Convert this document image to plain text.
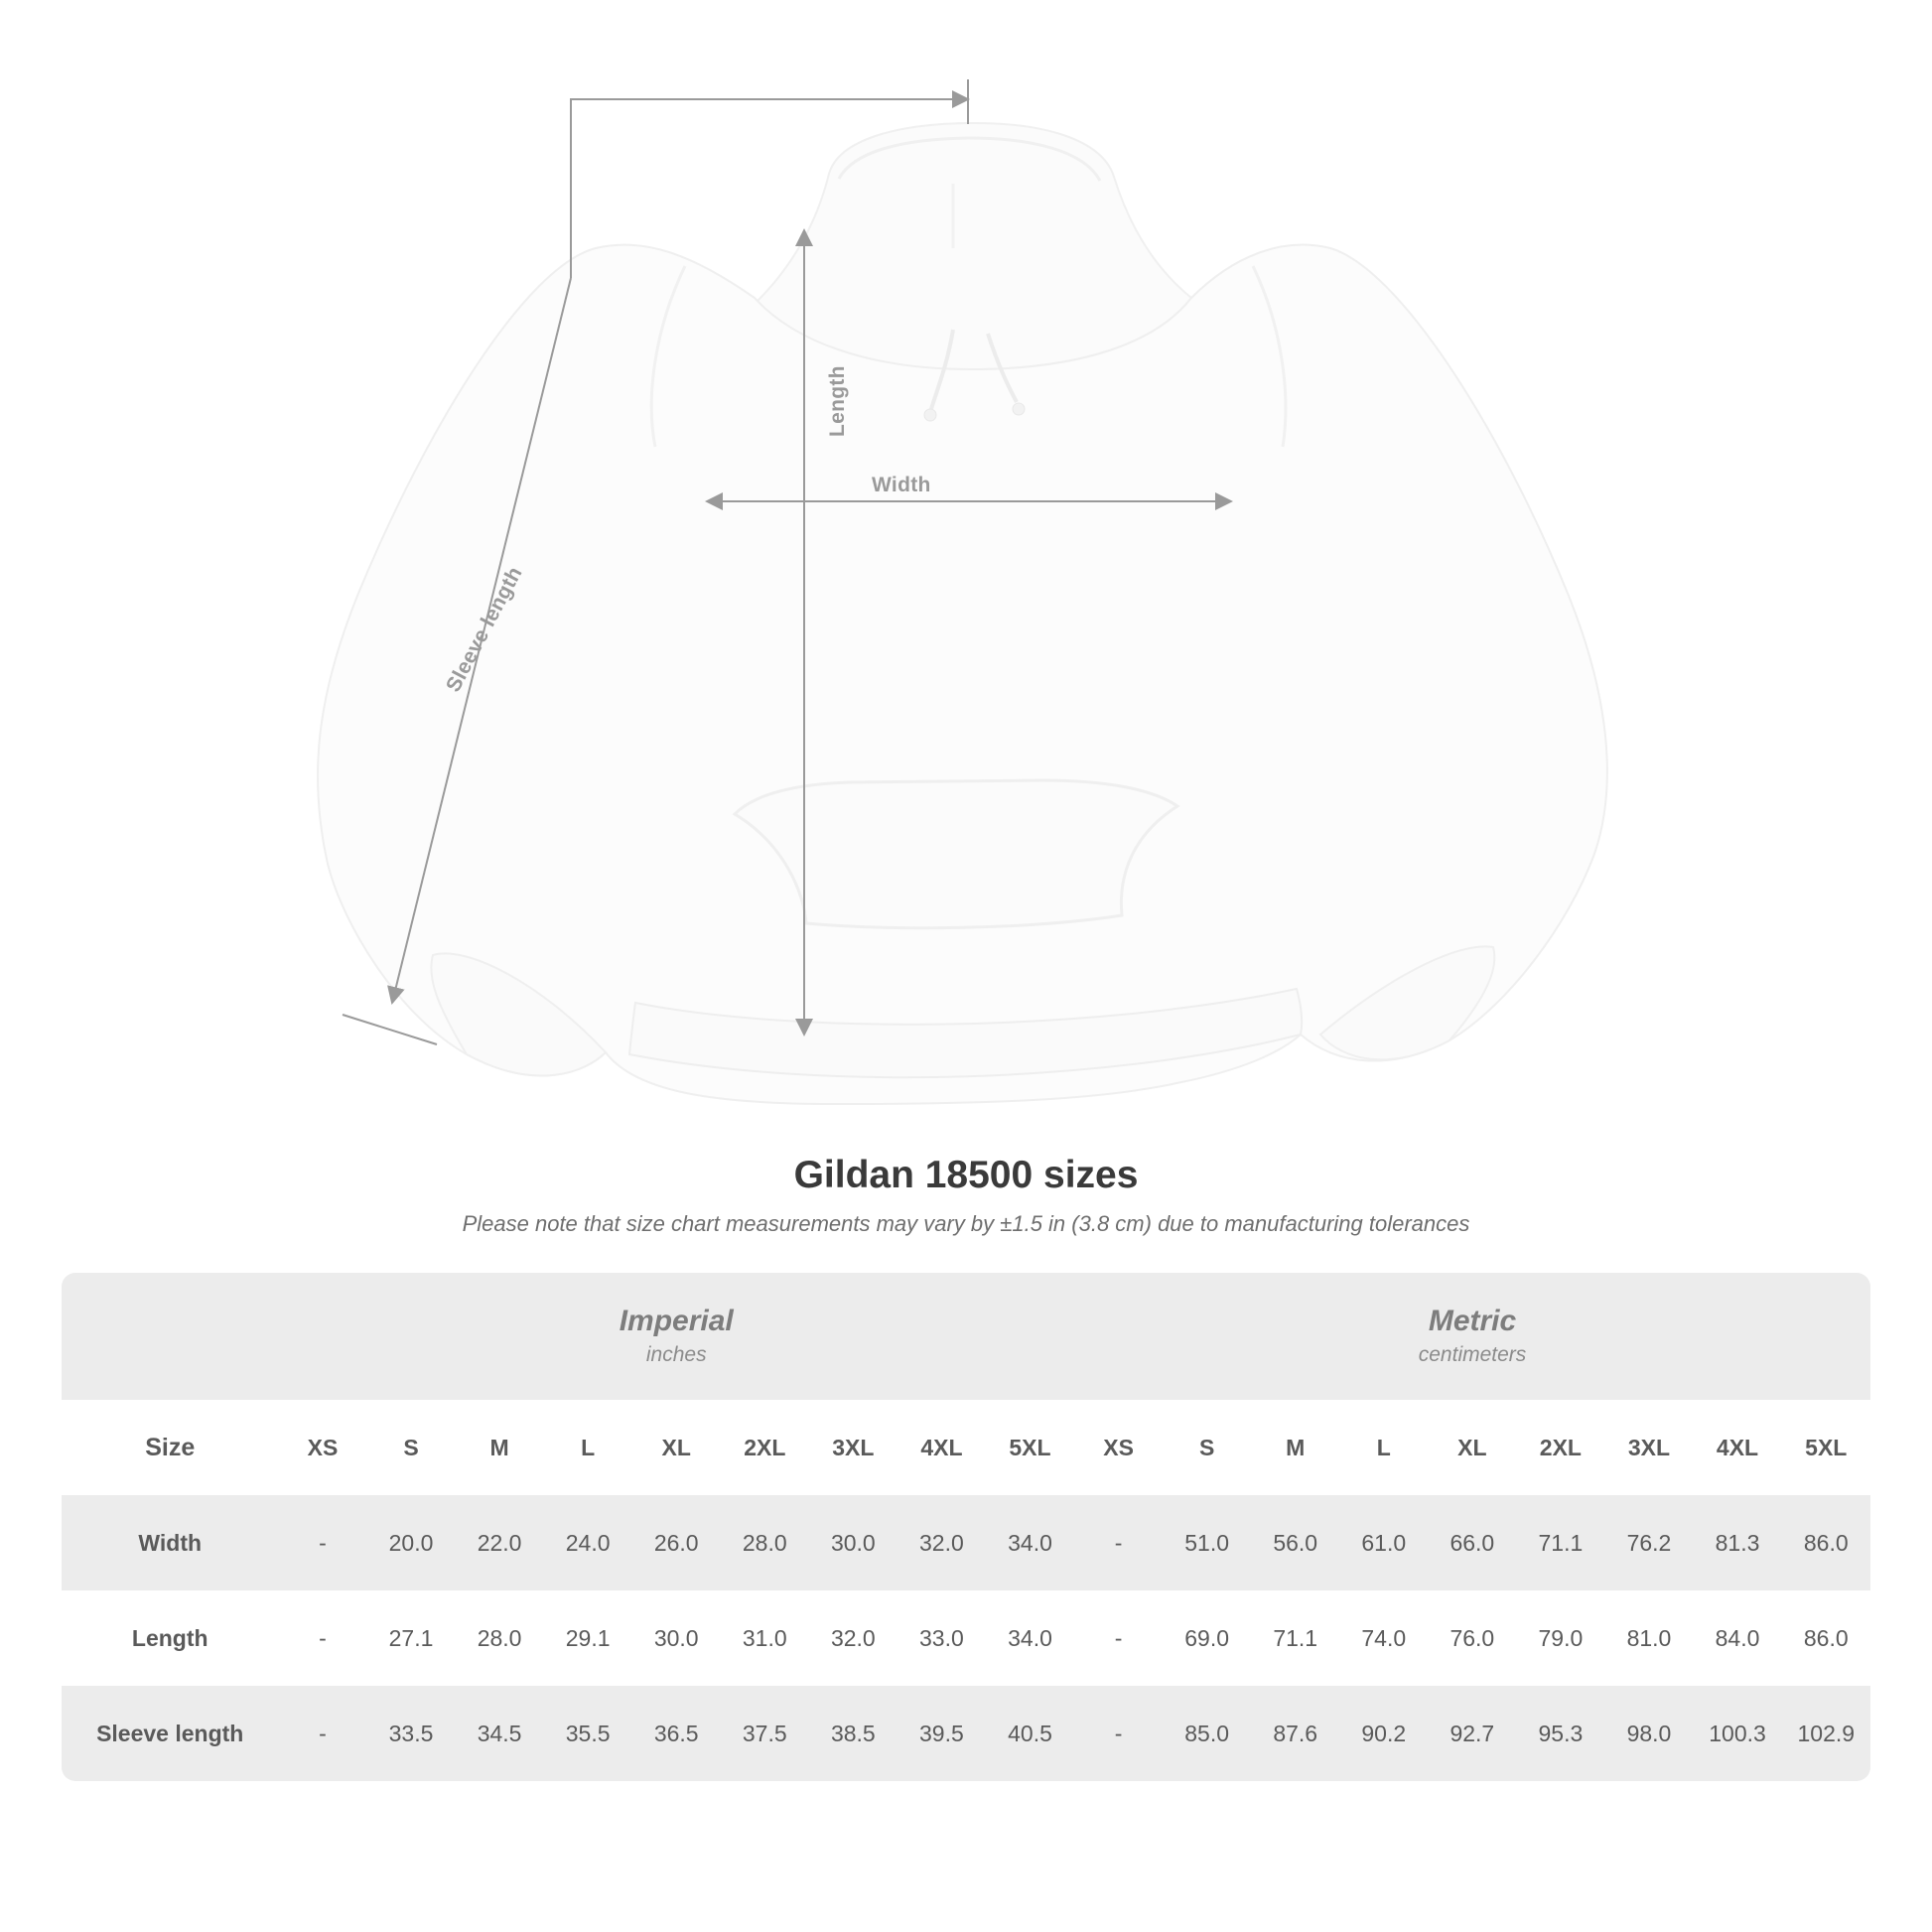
Length
Width
Sleeve length
Gildan 18500 sizes

Please note that size chart measurements may vary by ±1.5 in (3.8 cm) due to manufacturing tolerances

Imperial
inches

Metric
centimeters

Size	XS	S	M	L	XL	2XL	3XL	4XL	5XL	XS	S	M	L	XL	2XL	3XL	4XL	5XL
Width	-	20.0	22.0	24.0	26.0	28.0	30.0	32.0	34.0	-	51.0	56.0	61.0	66.0	71.1	76.2	81.3	86.0
Length	-	27.1	28.0	29.1	30.0	31.0	32.0	33.0	34.0	-	69.0	71.1	74.0	76.0	79.0	81.0	84.0	86.0
Sleeve length	-	33.5	34.5	35.5	36.5	37.5	38.5	39.5	40.5	-	85.0	87.6	90.2	92.7	95.3	98.0	100.3	102.9
